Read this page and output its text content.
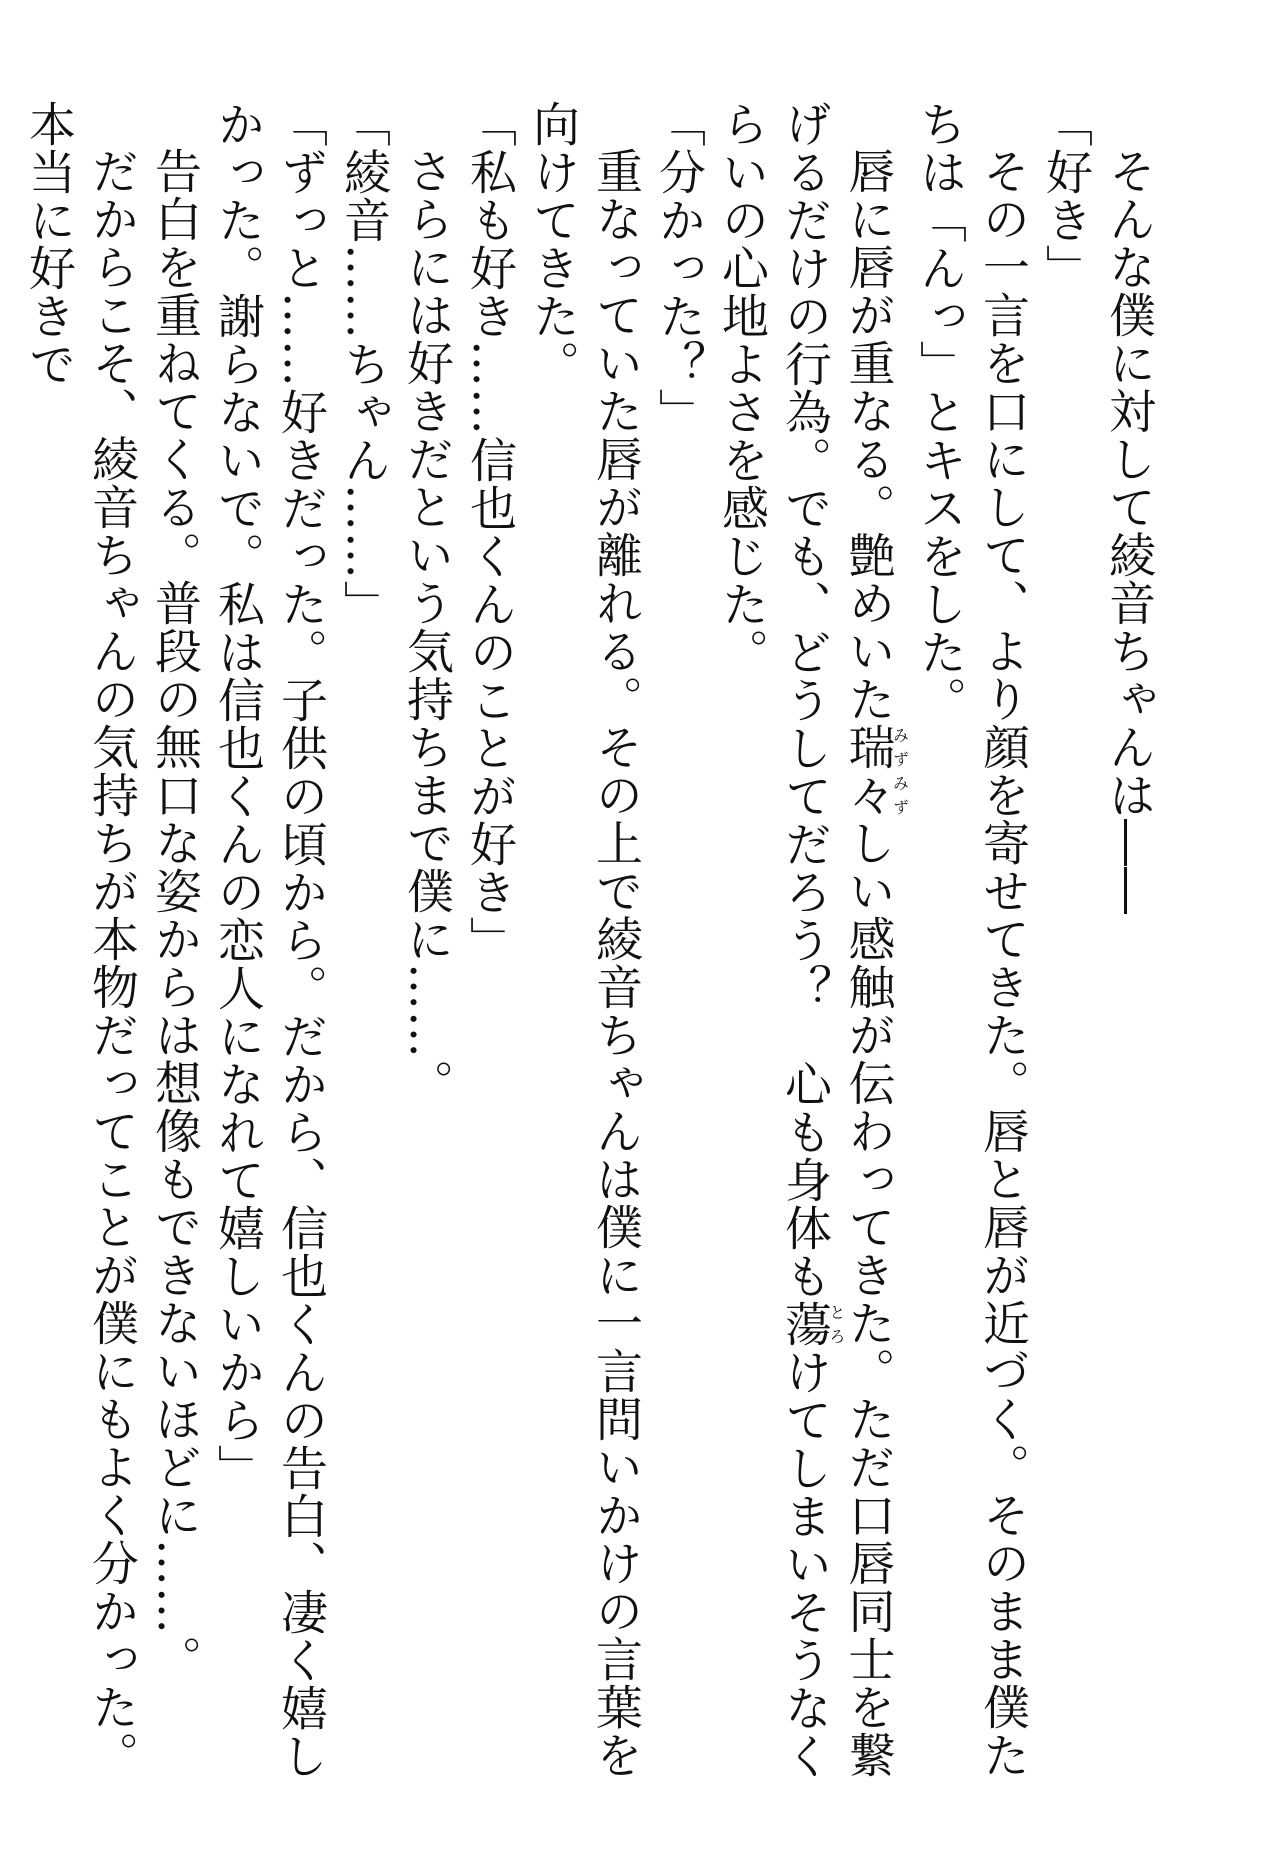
そんな僕に対して綾音ちゃんは――

「好き」

その一言を口にして、より顔を寄せてきた。唇と唇が近づく。そのまま僕たちは「んっ」とキスをした。

唇に唇が重なる。艶めいた瑞々みずみずしい感触が伝わってきた。ただ口唇同士を繋げるだけの行為。でも、どうしてだろう？　心も身体も蕩とろけてしまいそうなくらいの心地よさを感じた。

「分かった？」

重なっていた唇が離れる。その上で綾音ちゃんは僕に一言問いかけの言葉を向けてきた。

「私も好き……信也くんのことが好き」

さらには好きだという気持ちまで僕に……。

「綾音……ちゃん……」

「ずっと……好きだった。子供の頃から。だから、信也くんの告白、凄く嬉しかった。謝らないで。私は信也くんの恋人になれて嬉しいから」

告白を重ねてくる。普段の無口な姿からは想像もできないほどに……。

だからこそ、綾音ちゃんの気持ちが本物だってことが僕にもよく分かった。本当に好きで
